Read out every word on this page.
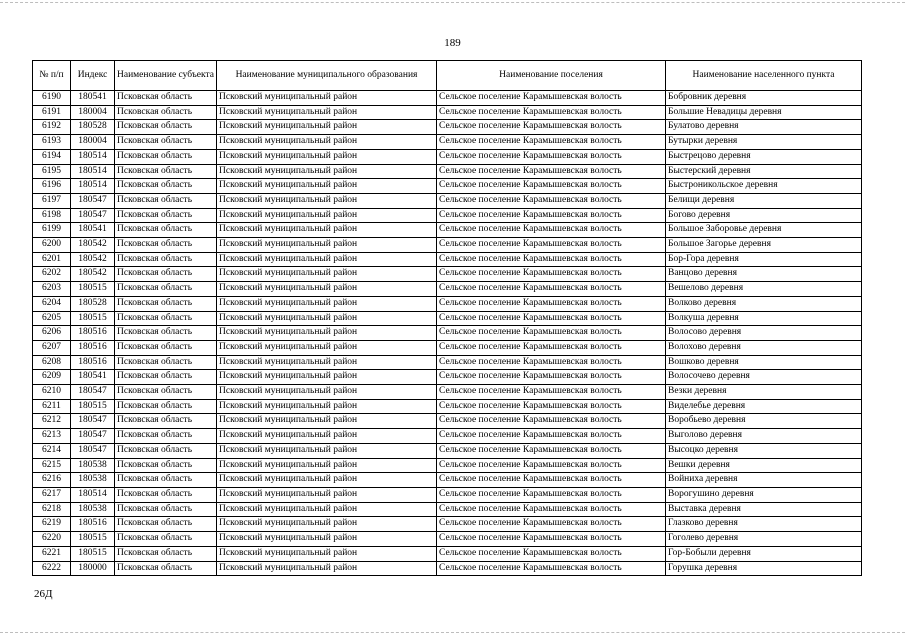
189
№ п/п	Индекс	Наименование субъекта	Наименование муниципального образования	Наименование поселения	Наименование населенного пункта
6190	180541	Псковская область	Псковский муниципальный район	Сельское поселение Карамышевская волость	Бобровник деревня
6191	180004	Псковская область	Псковский муниципальный район	Сельское поселение Карамышевская волость	Большие Невадицы деревня
6192	180528	Псковская область	Псковский муниципальный район	Сельское поселение Карамышевская волость	Булатово деревня
6193	180004	Псковская область	Псковский муниципальный район	Сельское поселение Карамышевская волость	Бутырки деревня
6194	180514	Псковская область	Псковский муниципальный район	Сельское поселение Карамышевская волость	Быстрецово деревня
6195	180514	Псковская область	Псковский муниципальный район	Сельское поселение Карамышевская волость	Быстерский деревня
6196	180514	Псковская область	Псковский муниципальный район	Сельское поселение Карамышевская волость	Быстроникольское деревня
6197	180547	Псковская область	Псковский муниципальный район	Сельское поселение Карамышевская волость	Белищи деревня
6198	180547	Псковская область	Псковский муниципальный район	Сельское поселение Карамышевская волость	Богово деревня
6199	180541	Псковская область	Псковский муниципальный район	Сельское поселение Карамышевская волость	Большое Заборовье деревня
6200	180542	Псковская область	Псковский муниципальный район	Сельское поселение Карамышевская волость	Большое Загорье деревня
6201	180542	Псковская область	Псковский муниципальный район	Сельское поселение Карамышевская волость	Бор-Гора деревня
6202	180542	Псковская область	Псковский муниципальный район	Сельское поселение Карамышевская волость	Ванцово деревня
6203	180515	Псковская область	Псковский муниципальный район	Сельское поселение Карамышевская волость	Вешелово деревня
6204	180528	Псковская область	Псковский муниципальный район	Сельское поселение Карамышевская волость	Волково деревня
6205	180515	Псковская область	Псковский муниципальный район	Сельское поселение Карамышевская волость	Волкуша деревня
6206	180516	Псковская область	Псковский муниципальный район	Сельское поселение Карамышевская волость	Волосово деревня
6207	180516	Псковская область	Псковский муниципальный район	Сельское поселение Карамышевская волость	Волохово деревня
6208	180516	Псковская область	Псковский муниципальный район	Сельское поселение Карамышевская волость	Вошково деревня
6209	180541	Псковская область	Псковский муниципальный район	Сельское поселение Карамышевская волость	Волосочево деревня
6210	180547	Псковская область	Псковский муниципальный район	Сельское поселение Карамышевская волость	Везки деревня
6211	180515	Псковская область	Псковский муниципальный район	Сельское поселение Карамышевская волость	Виделебье деревня
6212	180547	Псковская область	Псковский муниципальный район	Сельское поселение Карамышевская волость	Воробьево деревня
6213	180547	Псковская область	Псковский муниципальный район	Сельское поселение Карамышевская волость	Выголово деревня
6214	180547	Псковская область	Псковский муниципальный район	Сельское поселение Карамышевская волость	Высоцко деревня
6215	180538	Псковская область	Псковский муниципальный район	Сельское поселение Карамышевская волость	Вешки деревня
6216	180538	Псковская область	Псковский муниципальный район	Сельское поселение Карамышевская волость	Войниха деревня
6217	180514	Псковская область	Псковский муниципальный район	Сельское поселение Карамышевская волость	Ворогушино деревня
6218	180538	Псковская область	Псковский муниципальный район	Сельское поселение Карамышевская волость	Выставка деревня
6219	180516	Псковская область	Псковский муниципальный район	Сельское поселение Карамышевская волость	Глазково деревня
6220	180515	Псковская область	Псковский муниципальный район	Сельское поселение Карамышевская волость	Гоголево деревня
6221	180515	Псковская область	Псковский муниципальный район	Сельское поселение Карамышевская волость	Гор-Бобыли деревня
6222	180000	Псковская область	Псковский муниципальный район	Сельское поселение Карамышевская волость	Горушка деревня
26Д
